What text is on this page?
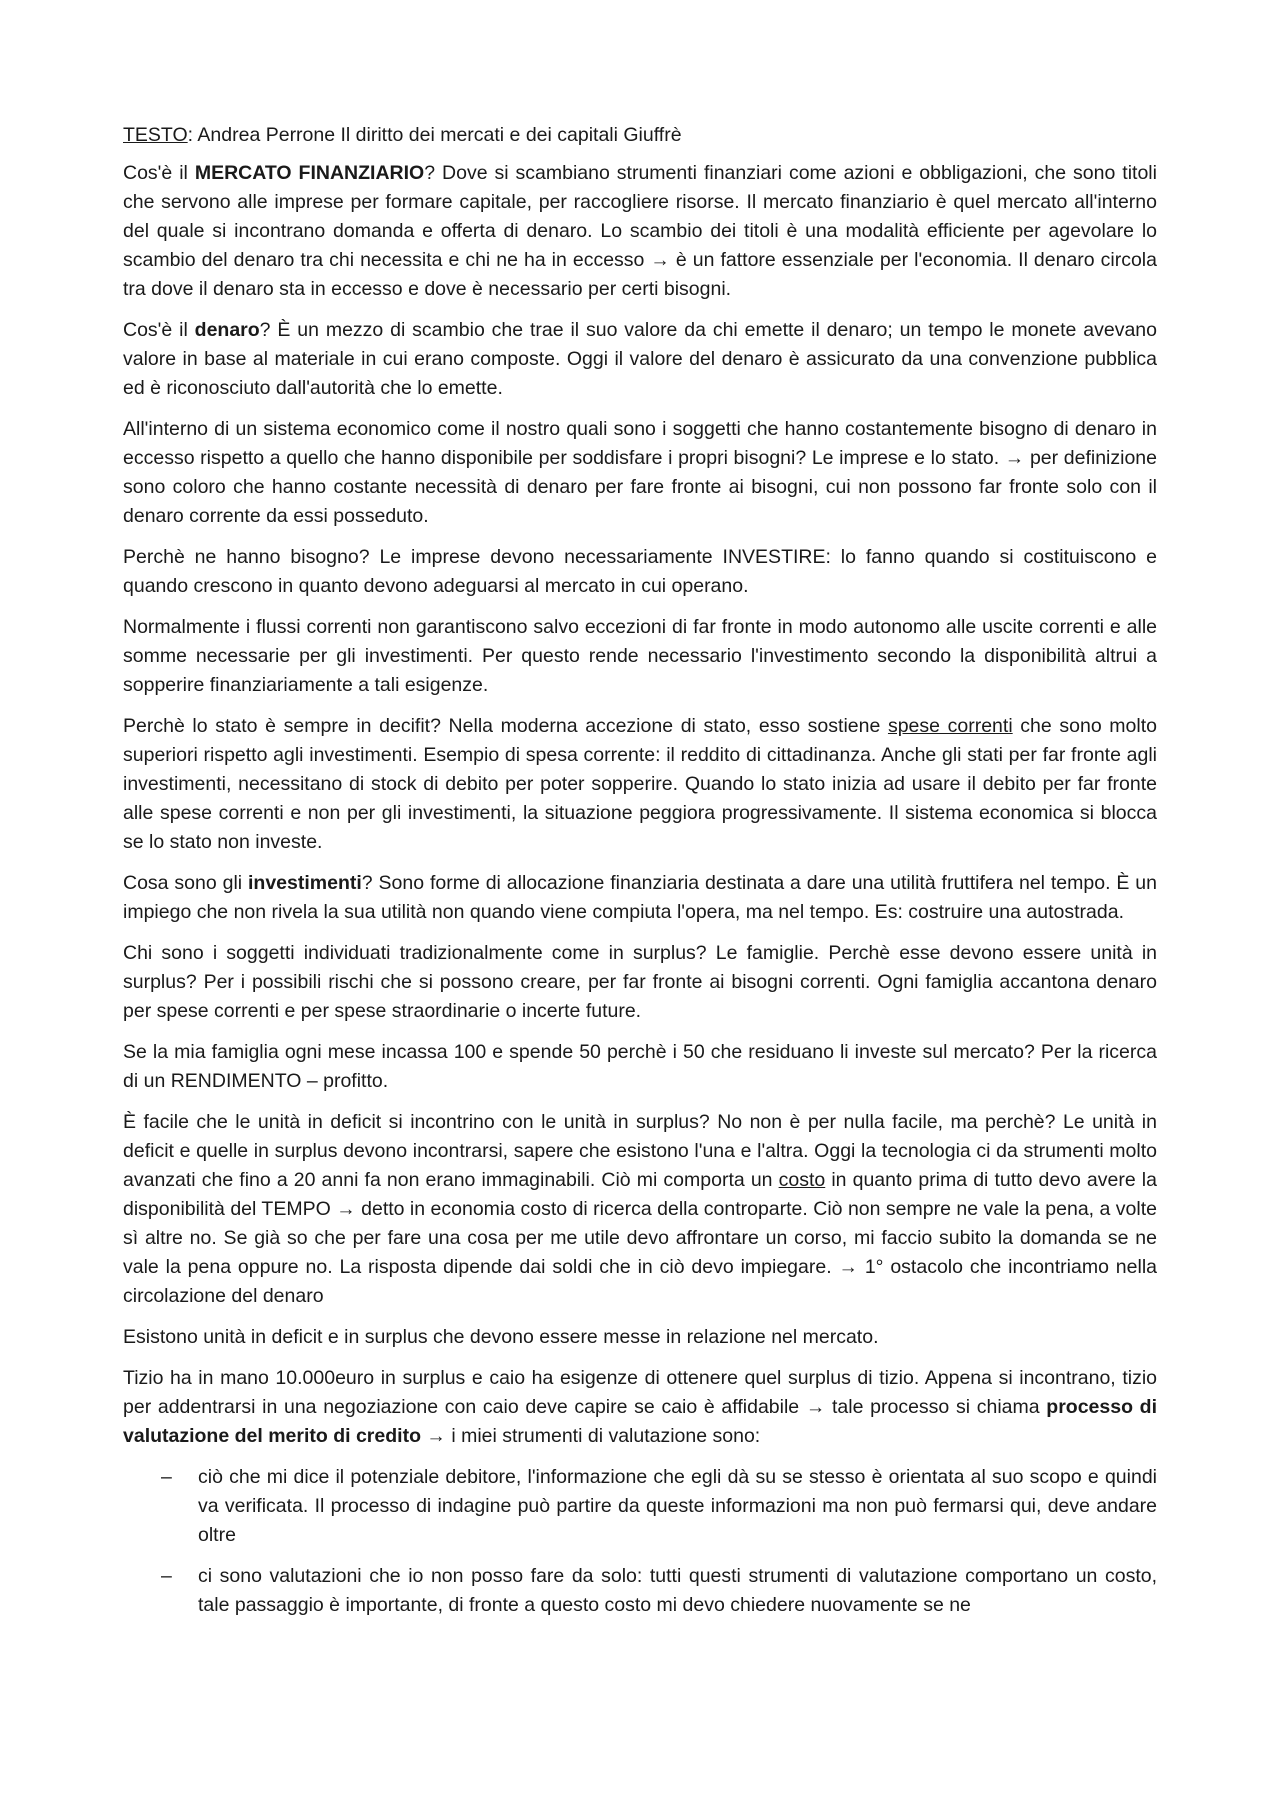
TESTO: Andrea Perrone Il diritto dei mercati e dei capitali Giuffrè

Cos'è il MERCATO FINANZIARIO? Dove si scambiano strumenti finanziari come azioni e obbligazioni, che sono titoli che servono alle imprese per formare capitale, per raccogliere risorse. Il mercato finanziario è quel mercato all'interno del quale si incontrano domanda e offerta di denaro. Lo scambio dei titoli è una modalità efficiente per agevolare lo scambio del denaro tra chi necessita e chi ne ha in eccesso → è un fattore essenziale per l'economia. Il denaro circola tra dove il denaro sta in eccesso e dove è necessario per certi bisogni.

Cos'è il denaro? È un mezzo di scambio che trae il suo valore da chi emette il denaro; un tempo le monete avevano valore in base al materiale in cui erano composte. Oggi il valore del denaro è assicurato da una convenzione pubblica ed è riconosciuto dall'autorità che lo emette.

All'interno di un sistema economico come il nostro quali sono i soggetti che hanno costantemente bisogno di denaro in eccesso rispetto a quello che hanno disponibile per soddisfare i propri bisogni? Le imprese e lo stato. → per definizione sono coloro che hanno costante necessità di denaro per fare fronte ai bisogni, cui non possono far fronte solo con il denaro corrente da essi posseduto.

Perchè ne hanno bisogno? Le imprese devono necessariamente INVESTIRE: lo fanno quando si costituiscono e quando crescono in quanto devono adeguarsi al mercato in cui operano.

Normalmente i flussi correnti non garantiscono salvo eccezioni di far fronte in modo autonomo alle uscite correnti e alle somme necessarie per gli investimenti. Per questo rende necessario l'investimento secondo la disponibilità altrui a sopperire finanziariamente a tali esigenze.

Perchè lo stato è sempre in decifit? Nella moderna accezione di stato, esso sostiene spese correnti che sono molto superiori rispetto agli investimenti. Esempio di spesa corrente: il reddito di cittadinanza. Anche gli stati per far fronte agli investimenti, necessitano di stock di debito per poter sopperire. Quando lo stato inizia ad usare il debito per far fronte alle spese correnti e non per gli investimenti, la situazione peggiora progressivamente. Il sistema economica si blocca se lo stato non investe.

Cosa sono gli investimenti? Sono forme di allocazione finanziaria destinata a dare una utilità fruttifera nel tempo. È un impiego che non rivela la sua utilità non quando viene compiuta l'opera, ma nel tempo. Es: costruire una autostrada.

Chi sono i soggetti individuati tradizionalmente come in surplus? Le famiglie. Perchè esse devono essere unità in surplus? Per i possibili rischi che si possono creare, per far fronte ai bisogni correnti. Ogni famiglia accantona denaro per spese correnti e per spese straordinarie o incerte future.

Se la mia famiglia ogni mese incassa 100 e spende 50 perchè i 50 che residuano li investe sul mercato? Per la ricerca di un RENDIMENTO – profitto.

È facile che le unità in deficit si incontrino con le unità in surplus? No non è per nulla facile, ma perchè? Le unità in deficit e quelle in surplus devono incontrarsi, sapere che esistono l'una e l'altra. Oggi la tecnologia ci da strumenti molto avanzati che fino a 20 anni fa non erano immaginabili. Ciò mi comporta un costo in quanto prima di tutto devo avere la disponibilità del TEMPO → detto in economia costo di ricerca della controparte. Ciò non sempre ne vale la pena, a volte sì altre no. Se già so che per fare una cosa per me utile devo affrontare un corso, mi faccio subito la domanda se ne vale la pena oppure no. La risposta dipende dai soldi che in ciò devo impiegare. → 1° ostacolo che incontriamo nella circolazione del denaro

Esistono unità in deficit e in surplus che devono essere messe in relazione nel mercato.

Tizio ha in mano 10.000euro in surplus e caio ha esigenze di ottenere quel surplus di tizio. Appena si incontrano, tizio per addentrarsi in una negoziazione con caio deve capire se caio è affidabile → tale processo si chiama processo di valutazione del merito di credito → i miei strumenti di valutazione sono:

– ciò che mi dice il potenziale debitore, l'informazione che egli dà su se stesso è orientata al suo scopo e quindi va verificata. Il processo di indagine può partire da queste informazioni ma non può fermarsi qui, deve andare oltre
– ci sono valutazioni che io non posso fare da solo: tutti questi strumenti di valutazione comportano un costo, tale passaggio è importante, di fronte a questo costo mi devo chiedere nuovamente se ne
